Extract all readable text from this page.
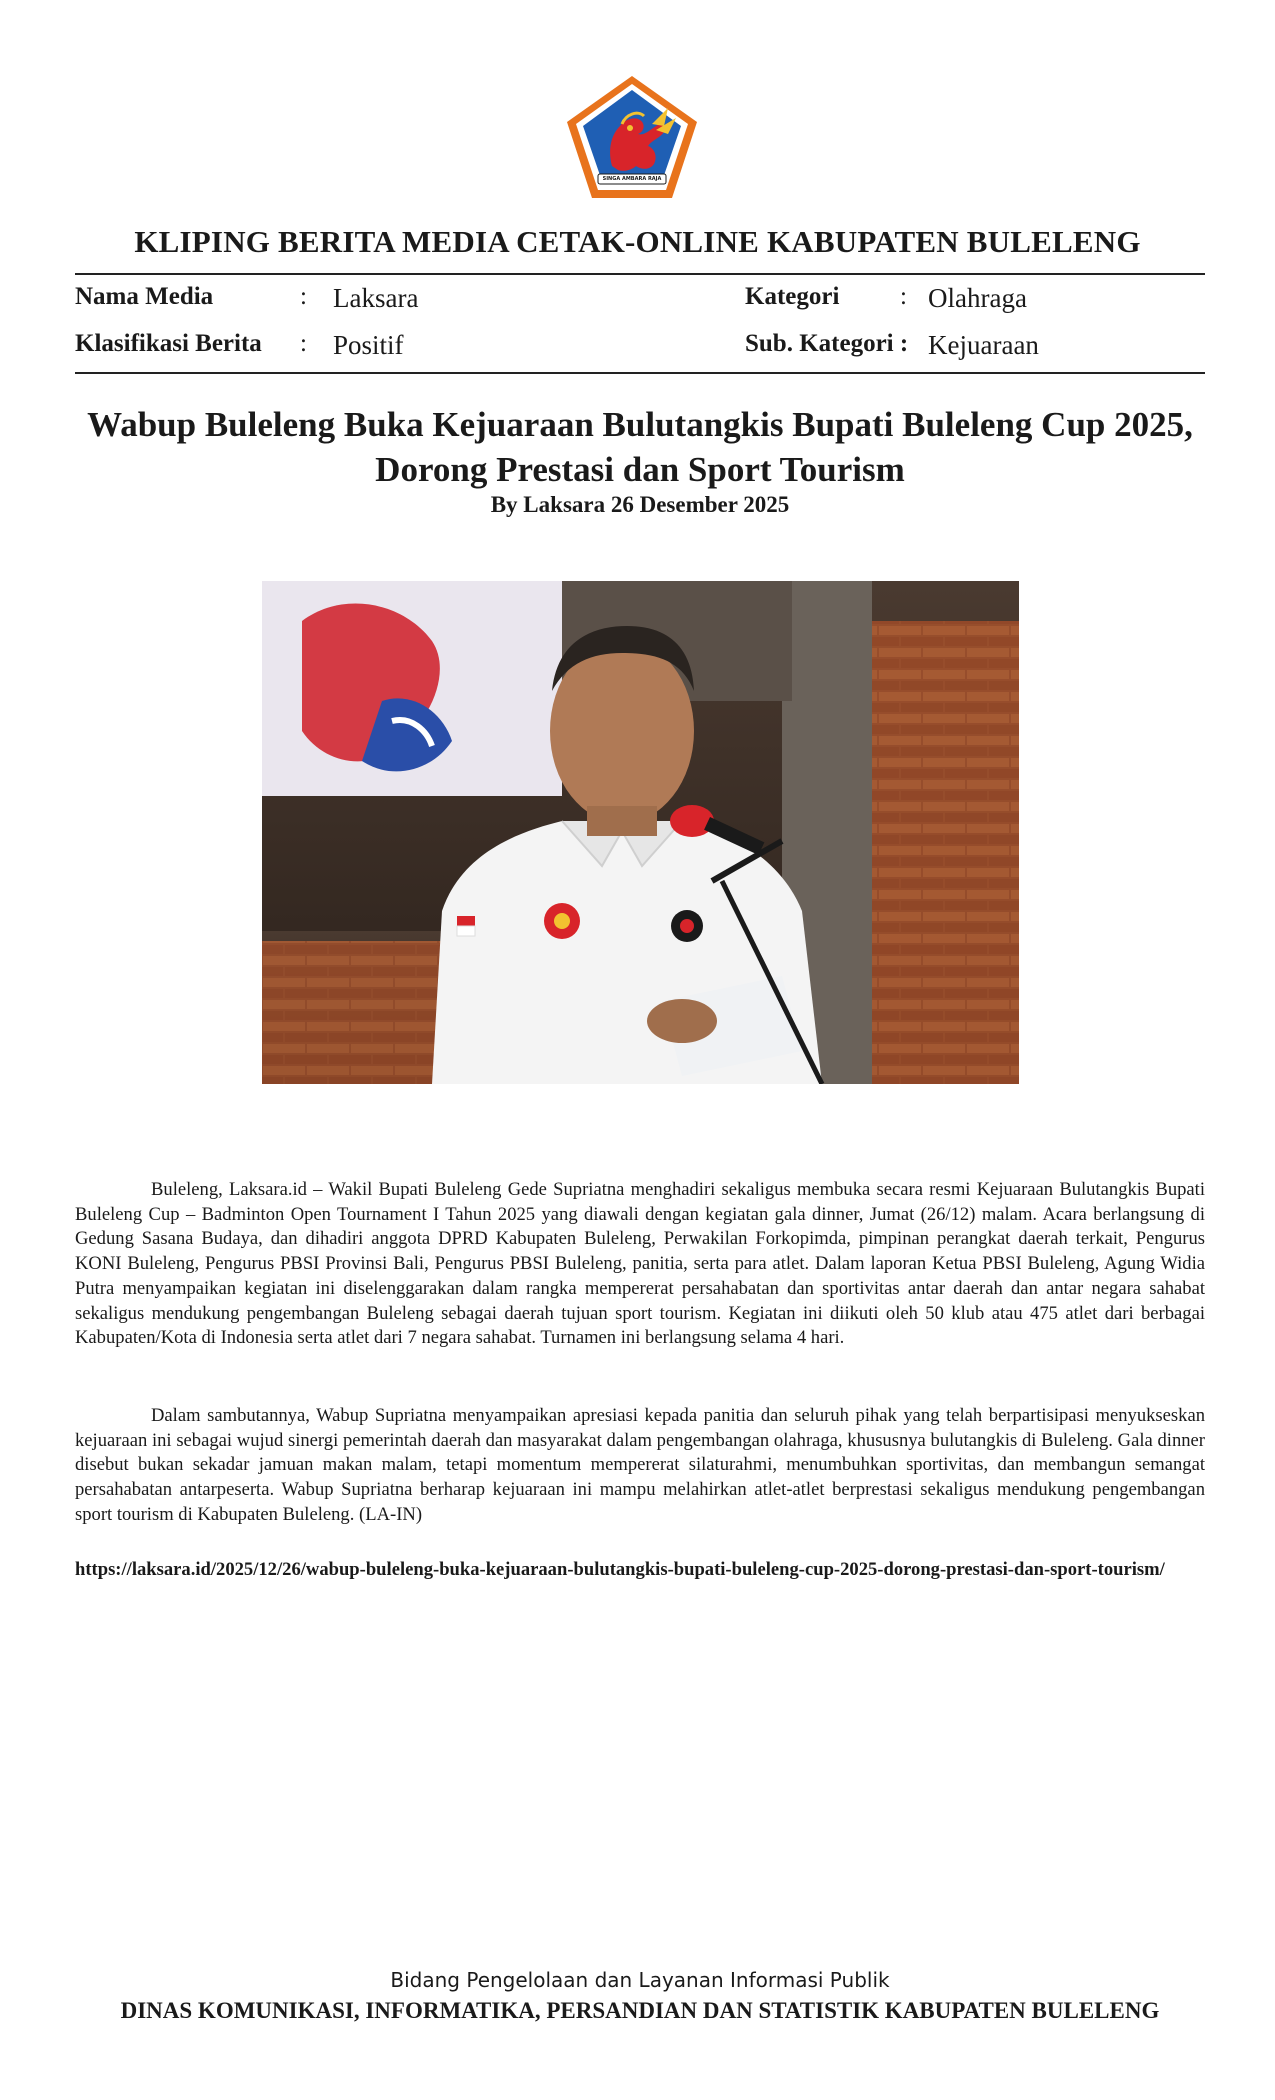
SINGA AMBARA RAJA
KLIPING BERITA MEDIA CETAK-ONLINE KABUPATEN BULELENG
Nama Media	: Laksara
Klasifikasi Berita : Positif
Kategori : Olahraga
Sub. Kategori : Kejuaraan
Wabup Buleleng Buka Kejuaraan Bulutangkis Bupati Buleleng Cup 2025, Dorong Prestasi dan Sport Tourism
By Laksara 26 Desember 2025

Buleleng, Laksara.id – Wakil Bupati Buleleng Gede Supriatna menghadiri sekaligus membuka secara resmi Kejuaraan Bulutangkis Bupati Buleleng Cup – Badminton Open Tournament I Tahun 2025 yang diawali dengan kegiatan gala dinner, Jumat (26/12) malam. Acara berlangsung di Gedung Sasana Budaya, dan dihadiri anggota DPRD Kabupaten Buleleng, Perwakilan Forkopimda, pimpinan perangkat daerah terkait, Pengurus KONI Buleleng, Pengurus PBSI Provinsi Bali, Pengurus PBSI Buleleng, panitia, serta para atlet. Dalam laporan Ketua PBSI Buleleng, Agung Widia Putra menyampaikan kegiatan ini diselenggarakan dalam rangka mempererat persahabatan dan sportivitas antar daerah dan antar negara sahabat sekaligus mendukung pengembangan Buleleng sebagai daerah tujuan sport tourism. Kegiatan ini diikuti oleh 50 klub atau 475 atlet dari berbagai Kabupaten/Kota di Indonesia serta atlet dari 7 negara sahabat. Turnamen ini berlangsung selama 4 hari.

Dalam sambutannya, Wabup Supriatna menyampaikan apresiasi kepada panitia dan seluruh pihak yang telah berpartisipasi menyukseskan kejuaraan ini sebagai wujud sinergi pemerintah daerah dan masyarakat dalam pengembangan olahraga, khususnya bulutangkis di Buleleng. Gala dinner disebut bukan sekadar jamuan makan malam, tetapi momentum mempererat silaturahmi, menumbuhkan sportivitas, dan membangun semangat persahabatan antarpeserta. Wabup Supriatna berharap kejuaraan ini mampu melahirkan atlet-atlet berprestasi sekaligus mendukung pengembangan sport tourism di Kabupaten Buleleng. (LA-IN)

https://laksara.id/2025/12/26/wabup-buleleng-buka-kejuaraan-bulutangkis-bupati-buleleng-cup-2025-dorong-prestasi-dan-sport-tourism/
Bidang Pengelolaan dan Layanan Informasi Publik
DINAS KOMUNIKASI, INFORMATIKA, PERSANDIAN DAN STATISTIK KABUPATEN BULELENG
